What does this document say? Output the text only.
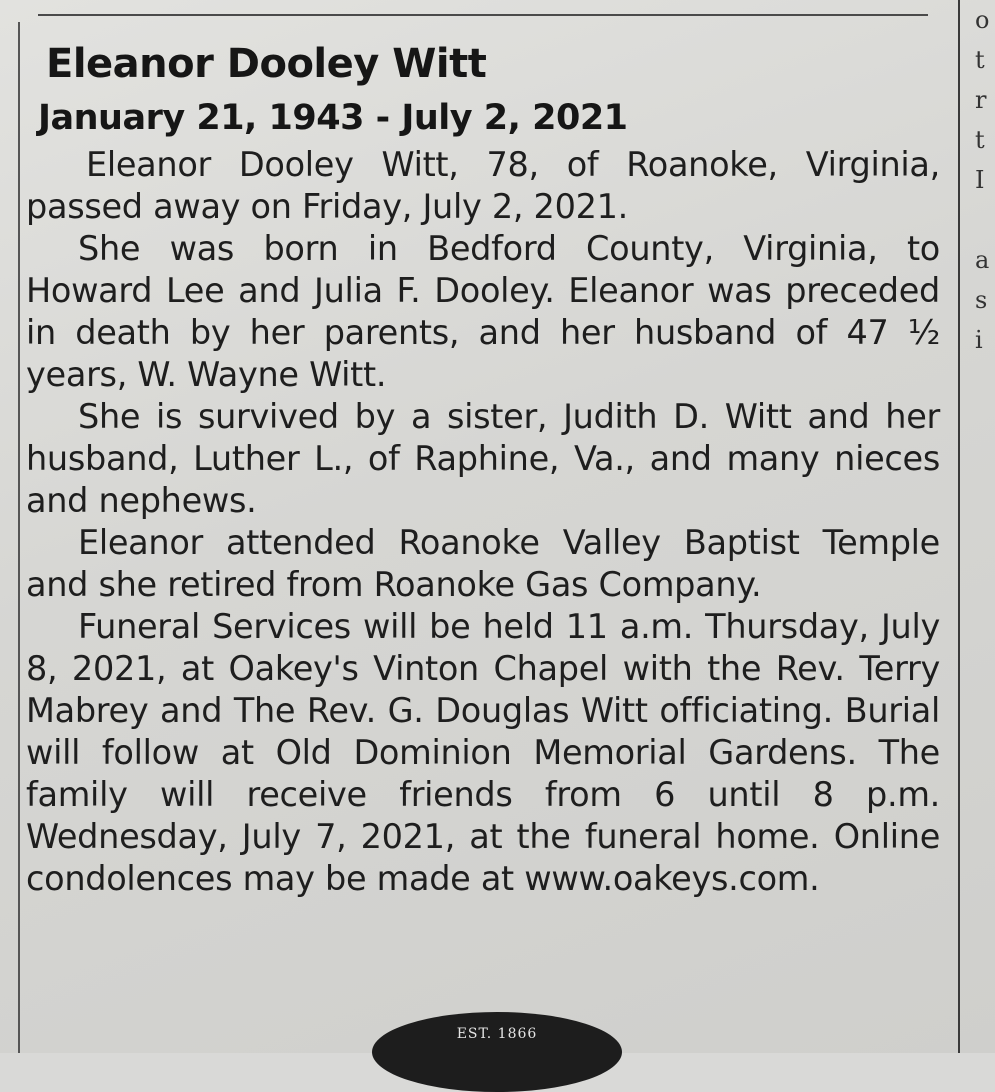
o
t
r
t
I
a
s
i
Eleanor Dooley Witt
January 21, 1943 - July 2, 2021

Eleanor Dooley Witt, 78, of Roanoke, Virginia, passed away on Friday, July 2, 2021.

She was born in Bedford County, Virginia, to Howard Lee and Julia F. Dooley. Eleanor was preceded in death by her parents, and her husband of 47 ½ years, W. Wayne Witt.

She is survived by a sister, Judith D. Witt and her husband, Luther L., of Raphine, Va., and many nieces and nephews.

Eleanor attended Roanoke Valley Baptist Temple and she retired from Roanoke Gas Company.

Funeral Services will be held 11 a.m. Thursday, July 8, 2021, at Oakey's Vinton Chapel with the Rev. Terry Mabrey and The Rev. G. Douglas Witt officiating. Burial will follow at Old Dominion Memorial Gardens. The family will receive friends from 6 until 8 p.m. Wednesday, July 7, 2021, at the funeral home. Online condolences may be made at www.oakeys.com.

EST. 1866
